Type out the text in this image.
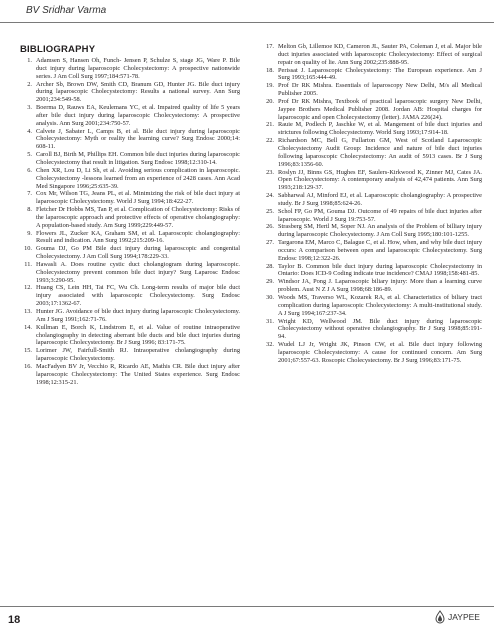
BV Sridhar Varma
BIBLIOGRAPHY
1. Adamsen S, Hansen Oh, Funch- Jensen P, Schulze S, stage JG, Ware P. Bile duct injury during laparoscopic Cholecystectomy: A prospective nationwide series. J Am Coll Surg 1997;184:571-78.
2. Archer Sb, Brown DW, Smith CD, Branum GD, Hunter JG. Bile duct injury during laparoscopic Cholecystectomy: Results a national survey. Ann Surg 2001;234:549-58.
3. Boerma D, Rauws EA, Keulemans YC, et al. Impaired quality of life 5 years after bile duct injury during laparoscopic Cholecystectomy: A prospective analysis. Ann Surg 2001;234:750-57.
4. Calvete J, Sabater L, Camps B, et al. Bile duct injury during laparoscopic Cholecystectomy: Myth or reality the learning curve? Surg Endosc 2000;14: 608-11.
5. Caroll BJ, Birth M, Phillips EH. Common bile duct injuries during laparoscopic Cholecystectomy that result in litigation. Surg Endosc 1998;12:310-14.
6. Chen XR, Lou D, Li Sh, et al. Avoiding serious complication in laparoscopic. Cholecystectomy -lessons learned from an experience of 2428 cases. Ann Acad Med Singapore 1996;25:635-39.
7. Cox Mr, Wilson TG, Jeans PL, et al. Minimizing the risk of bile duct injury at laparoscopic Cholecystectomy. World J Surg 1994;18:422-27.
8. Fletcher Dr Hobbs MS, Tan P, et al. Complication of Cholecystectomy: Risks of the laparoscopic approach and protective effects of operative cholangiography: A population-based study. Am Surg 1999;229:449-57.
9. Flowers JL, Zucker KA, Graham SM, et al. Laparoscopic cholangiography: Result and indication. Ann Surg 1992;215:209-16.
10. Gouma DJ, Go PM Bile duct injury during laparoscopic and congenital Cholecystectomy. J Am Coll Surg 1994;178:229-33.
11. Hawasli A. Does routine cystic duct cholangiogram during laparoscopic. Cholecystectomy prevent common bile duct injury? Surg Laparosc Endosc 1993;3:290-95.
12. Huang CS, Lein HH, Tai FC, Wu Ch. Long-term results of major bile duct injury associated with laparoscopic Cholecystectomy. Surg Endosc 2003;17:1362-67.
13. Hunter JG. Avoidance of bile duct injury during laparoscopic Cholecystectomy. Am J Surg 1991;162:71-76.
14. Kullman E, Borch K, Lindstrom E, et al. Value of routine intraoperative cholangiography in detecting aberrant bile ducts and bile duct injuries during laparoscopic Cholecystectomy. Br J Surg 1996; 83:171-75.
15. Lorimer JW, Fairfull-Smith RJ. Intraoperative cholangiography during laparoscopic Cholecystectomy.
16. MacFadyen BV Jr, Vecchio R, Ricardo AE, Mathis CR. Bile duct injury after laparoscopic Cholecystectomy: The United States experience. Surg Endosc 1998;12:315-21.
17. Melton Gb, Lillemoe KD, Cameron JL, Sauter PA, Coleman J, et al. Major bile duct injuries associated with laparoscopic Cholecystectomy: Effect of surgical repair on quality of lie. Ann Surg 2002;235:888-95.
18. Perissat J. Laparoscopic Cholecystectomy: The European experience. Am J Surg 1993;165:444-49.
19. Prof Dr RK Mishra. Essentials of laparoscopy New Delhi, M/s all Medical Publisher 2005.
20. Prof Dr RK Mishra, Textbook of practical laparoscopic surgery New Delhi, Jaypee Brothers Medical Publisher 2008. Jordan AB: Hospital charges for laparoscopic and open Cholecystectomy (letter). JAMA 226(24).
21. Rauie M, Podlech P, Jaschke W, et al. Mangement of bile duct injuries and strictures following Cholecystectomy. World Surg 1993;17:914-18.
22. Richardson MC, Bell G, Fullarton GM, West of Scotland Laparoscopic Cholecystectomy Audit Group: Incidence and nature of bile duct injuries following laparoscopic Cholecystectomy: An audit of 5913 cases. Br J Surg 1996;83:1356-60.
23. Roslyn JJ, Binns GS, Hughes EF, Saulers-Kirkwood K, Zinner MJ, Cates JA. Open Cholecystectomy: A contemporary analysis of 42,474 patients. Ann Surg 1993;218:129-37.
24. Sabharwal AJ, Minford EJ, et al. Laparoscopic cholangiography: A prospective study. Br J Surg 1998;85:624-26.
25. Schol FP, Go PM, Gouma DJ. Outcome of 49 repairs of bile duct injuries after laparoscopic. World J Surg 19:753-57.
26. Strasberg SM, Hertl M, Soper NJ. An analysis of the Problem of billiary injury during laparoscopic Cholecystectomy. J Am Coll Surg 1995;180:101-1255.
27. Targarona EM, Marco C, Balague C, et al. How, when, and why bile duct injury occurs: A comparison between open and laparoscopic Cholecystectomy. Surg Endosc 1998;12:322-26.
28. Taylor B. Common bile duct injury during laparoscopic Cholecystectomy in Ontario: Does ICD-9 Coding indicate true incidence? CMAJ 1998;158:481-85.
29. Windsor JA, Pong J. Laparoscopic biliary injury: More than a learning curve problem. Aust N Z J A Surg 1998;68:186-89.
30. Woods MS, Traverso WL, Kozarek RA, et al. Characteristics of biliary tract complication during laparoscopic Cholecystectomy: A multi-institutional study. A J Surg 1994;167:237-34.
31. Wright KD, Wellwood JM. Bile duct injury during laparoscopic Cholecystectomy without operative cholangiography. Br J Surg 1998;85:191-94.
32. Wudel LJ Jr, Wright JK, Pinson CW, et al. Bile duct injury following laparoscopic Cholecystectomy: A cause for continued concern. Am Surg 2001;67:557-63. Roscopic Cholecystectomy. Br J Surg 1996;83:171-75.
18	JAYPEE
